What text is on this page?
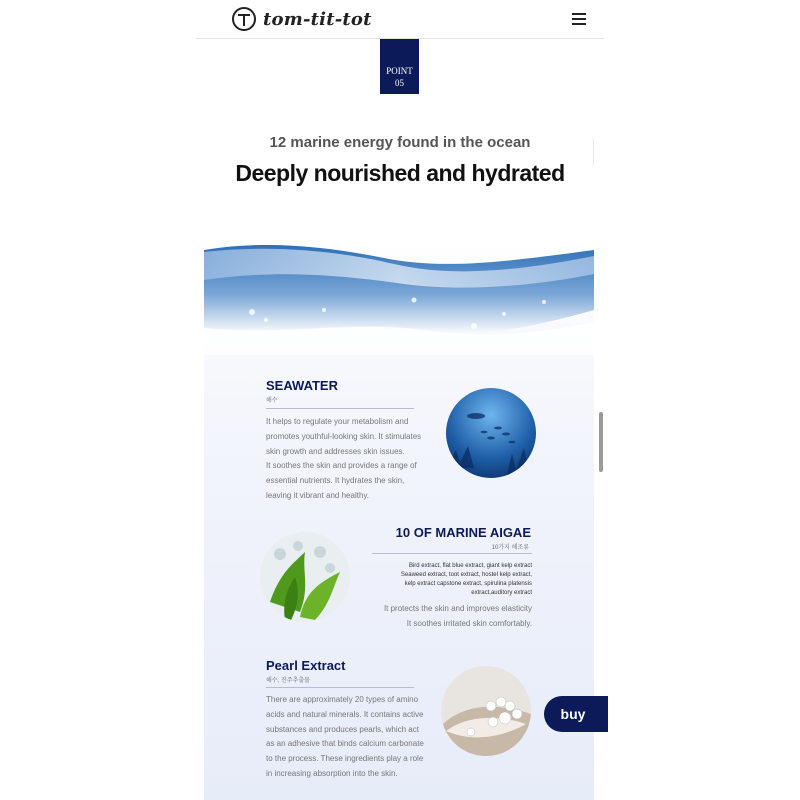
tom-tit-tot
POINT
05
12 marine energy found in the ocean
Deeply nourished and hydrated
SEAWATER
해수
It helps to regulate your metabolism and
promotes youthful-looking skin. It stimulates
skin growth and addresses skin issues.
It soothes the skin and provides a range of
essential nutrients. It hydrates the skin,
leaving it vibrant and healthy.
10 OF MARINE AIGAE
10가지 해조류
Bird extract, flat blue extract, giant kelp extract
Seaweed extract, toot extract, hostel kelp extract,
kelp extract capstone extract, spirulina platensis
extract,auditory extract
It protects the skin and improves elasticity
It soothes irritated skin comfortably.
Pearl Extract
해수, 진주추출물
There are approximately 20 types of amino
acids and natural minerals. It contains active
substances and produces pearls, which act
as an adhesive that binds calcium carbonate
to the process. These ingredients play a role
in increasing absorption into the skin.
buy
